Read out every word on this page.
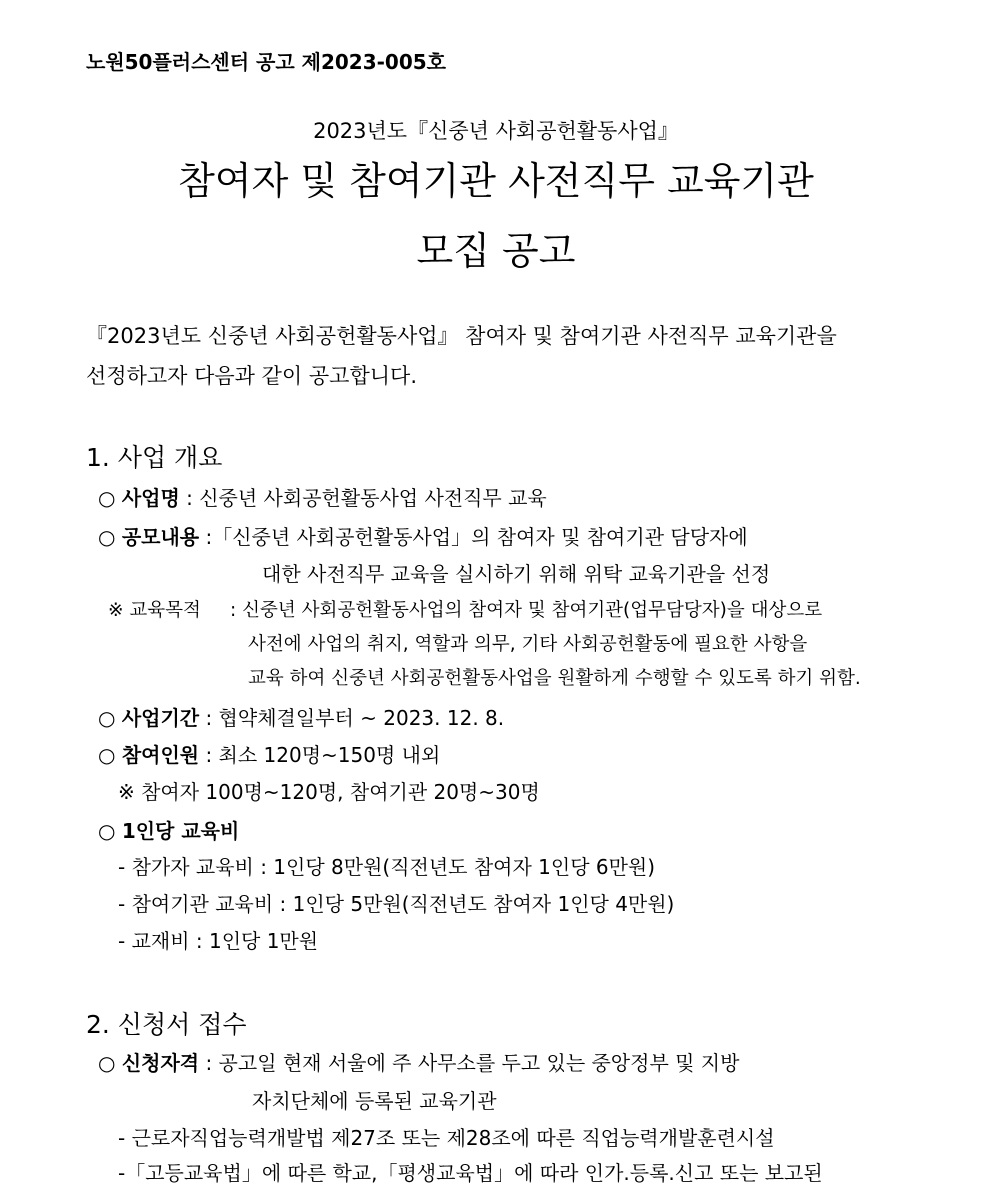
노원50플러스센터 공고 제2023-005호
2023년도『신중년 사회공헌활동사업』
참여자 및 참여기관 사전직무 교육기관
모집 공고
『2023년도 신중년 사회공헌활동사업』 참여자 및 참여기관 사전직무 교육기관을
선정하고자 다음과 같이 공고합니다.
1. 사업 개요
○ 사업명 : 신중년 사회공헌활동사업 사전직무 교육
○ 공모내용 :「신중년 사회공헌활동사업」의 참여자 및 참여기관 담당자에
대한 사전직무 교육을 실시하기 위해 위탁 교육기관을 선정
※ 교육목적 : 신중년 사회공헌활동사업의 참여자 및 참여기관(업무담당자)을 대상으로
사전에 사업의 취지, 역할과 의무, 기타 사회공헌활동에 필요한 사항을
교육 하여 신중년 사회공헌활동사업을 원활하게 수행할 수 있도록 하기 위함.
○ 사업기간 : 협약체결일부터 ~ 2023. 12. 8.
○ 참여인원 : 최소 120명~150명 내외
※ 참여자 100명~120명, 참여기관 20명~30명
○ 1인당 교육비
- 참가자 교육비 : 1인당 8만원(직전년도 참여자 1인당 6만원)
- 참여기관 교육비 : 1인당 5만원(직전년도 참여자 1인당 4만원)
- 교재비 : 1인당 1만원
2. 신청서 접수
○ 신청자격 : 공고일 현재 서울에 주 사무소를 두고 있는 중앙정부 및 지방
자치단체에 등록된 교육기관
- 근로자직업능력개발법 제27조 또는 제28조에 따른 직업능력개발훈련시설
-「고등교육법」에 따른 학교,「평생교육법」에 따라 인가.등록.신고 또는 보고된
